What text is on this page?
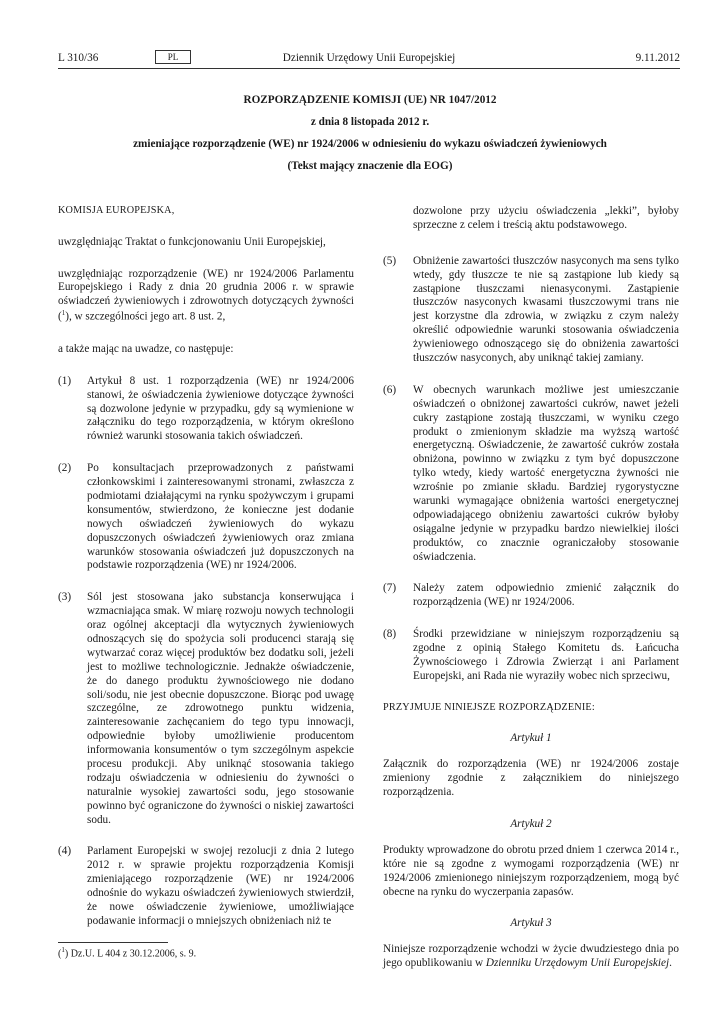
L 310/36	Dziennik Urzędowy Unii Europejskiej
PL	9.11.2012

ROZPORZĄDZENIE KOMISJI (UE) NR 1047/2012

z dnia 8 listopada 2012 r.

zmieniające rozporządzenie (WE) nr 1924/2006 w odniesieniu do wykazu oświadczeń żywieniowych

(Tekst mający znaczenie dla EOG)

KOMISJA EUROPEJSKA,

uwzględniając Traktat o funkcjonowaniu Unii Europejskiej,

uwzględniając rozporządzenie (WE) nr 1924/2006 Parlamentu Europejskiego i Rady z dnia 20 grudnia 2006 r. w sprawie oświadczeń żywieniowych i zdrowotnych dotyczących żywności ($^1$), w szczególności jego art. 8 ust. 2,

a także mając na uwadze, co następuje:

(1) Artykuł 8 ust. 1 rozporządzenia (WE) nr 1924/2006 stanowi, że oświadczenia żywieniowe dotyczące żywności są dozwolone jedynie w przypadku, gdy są wymienione w załączniku do tego rozporządzenia, w którym określono również warunki stosowania takich oświadczeń.

(2) Po konsultacjach przeprowadzonych z państwami członkowskimi i zainteresowanymi stronami, zwłaszcza z podmiotami działającymi na rynku spożywczym i grupami konsumentów, stwierdzono, że konieczne jest dodanie nowych oświadczeń żywieniowych do wykazu dopuszczonych oświadczeń żywieniowych oraz zmiana warunków stosowania oświadczeń już dopuszczonych na podstawie rozporządzenia (WE) nr 1924/2006.

(3) Sól jest stosowana jako substancja konserwująca i wzmacniająca smak. W miarę rozwoju nowych technologii oraz ogólnej akceptacji dla wytycznych żywieniowych odnoszących się do spożycia soli producenci starają się wytwarzać coraz więcej produktów bez dodatku soli, jeżeli jest to możliwe technologicznie. Jednakże oświadczenie, że do danego produktu żywnościowego nie dodano soli/sodu, nie jest obecnie dopuszczone. Biorąc pod uwagę szczególne, ze zdrowotnego punktu widzenia, zainteresowanie zachęcaniem do tego typu innowacji, odpowiednie byłoby umożliwienie producentom informowania konsumentów o tym szczególnym aspekcie procesu produkcji. Aby uniknąć stosowania takiego rodzaju oświadczenia w odniesieniu do żywności o naturalnie wysokiej zawartości sodu, jego stosowanie powinno być ograniczone do żywności o niskiej zawartości sodu.

(4) Parlament Europejski w swojej rezolucji z dnia 2 lutego 2012 r. w sprawie projektu rozporządzenia Komisji zmieniającego rozporządzenie (WE) nr 1924/2006 odnośnie do wykazu oświadczeń żywieniowych stwierdził, że nowe oświadczenie żywieniowe, umożliwiające podawanie informacji o mniejszych obniżeniach niż te

dozwolone przy użyciu oświadczenia „lekki”, byłoby sprzeczne z celem i treścią aktu podstawowego.

(5) Obniżenie zawartości tłuszczów nasyconych ma sens tylko wtedy, gdy tłuszcze te nie są zastąpione lub kiedy są zastąpione tłuszczami nienasyconymi. Zastąpienie tłuszczów nasyconych kwasami tłuszczowymi trans nie jest korzystne dla zdrowia, w związku z czym należy określić odpowiednie warunki stosowania oświadczenia żywieniowego odnoszącego się do obniżenia zawartości tłuszczów nasyconych, aby uniknąć takiej zamiany.

(6) W obecnych warunkach możliwe jest umieszczanie oświadczeń o obniżonej zawartości cukrów, nawet jeżeli cukry zastąpione zostają tłuszczami, w wyniku czego produkt o zmienionym składzie ma wyższą wartość energetyczną. Oświadczenie, że zawartość cukrów została obniżona, powinno w związku z tym być dopuszczone tylko wtedy, kiedy wartość energetyczna żywności nie wzrośnie po zmianie składu. Bardziej rygorystyczne warunki wymagające obniżenia wartości energetycznej odpowiadającego obniżeniu zawartości cukrów byłoby osiągalne jedynie w przypadku bardzo niewielkiej ilości produktów, co znacznie ograniczałoby stosowanie oświadczenia.

(7) Należy zatem odpowiednio zmienić załącznik do rozporządzenia (WE) nr 1924/2006.

(8) Środki przewidziane w niniejszym rozporządzeniu są zgodne z opinią Stałego Komitetu ds. Łańcucha Żywnościowego i Zdrowia Zwierząt i ani Parlament Europejski, ani Rada nie wyraziły wobec nich sprzeciwu,

PRZYJMUJE NINIEJSZE ROZPORZĄDZENIE:

Artykuł 1

Załącznik do rozporządzenia (WE) nr 1924/2006 zostaje zmieniony zgodnie z załącznikiem do niniejszego rozporządzenia.

Artykuł 2

Produkty wprowadzone do obrotu przed dniem 1 czerwca 2014 r., które nie są zgodne z wymogami rozporządzenia (WE) nr 1924/2006 zmienionego niniejszym rozporządzeniem, mogą być obecne na rynku do wyczerpania zapasów.

Artykuł 3

Niniejsze rozporządzenie wchodzi w życie dwudziestego dnia po jego opublikowaniu w Dzienniku Urzędowym Unii Europejskiej.

($^1$) Dz.U. L 404 z 30.12.2006, s. 9.
